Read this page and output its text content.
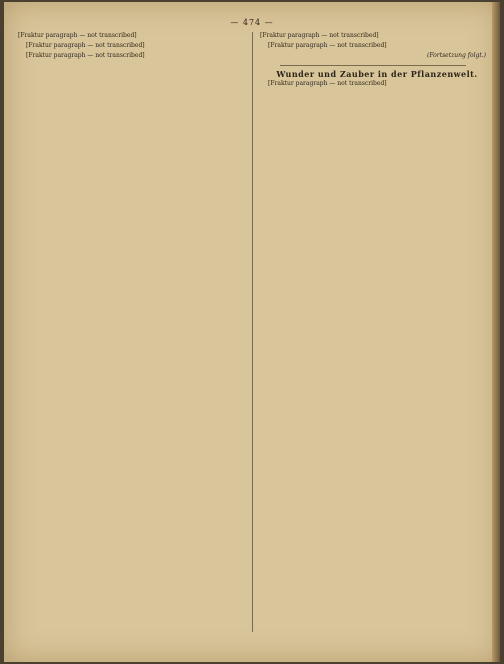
— 474 —

[Fraktur paragraph — not transcribed]

[Fraktur paragraph — not transcribed]

[Fraktur paragraph — not transcribed]

[Fraktur paragraph — not transcribed]

[Fraktur paragraph — not transcribed]

(Fortsetzung folgt.)

Wunder und Zauber in der Pflanzenwelt.

[Fraktur paragraph — not transcribed]
